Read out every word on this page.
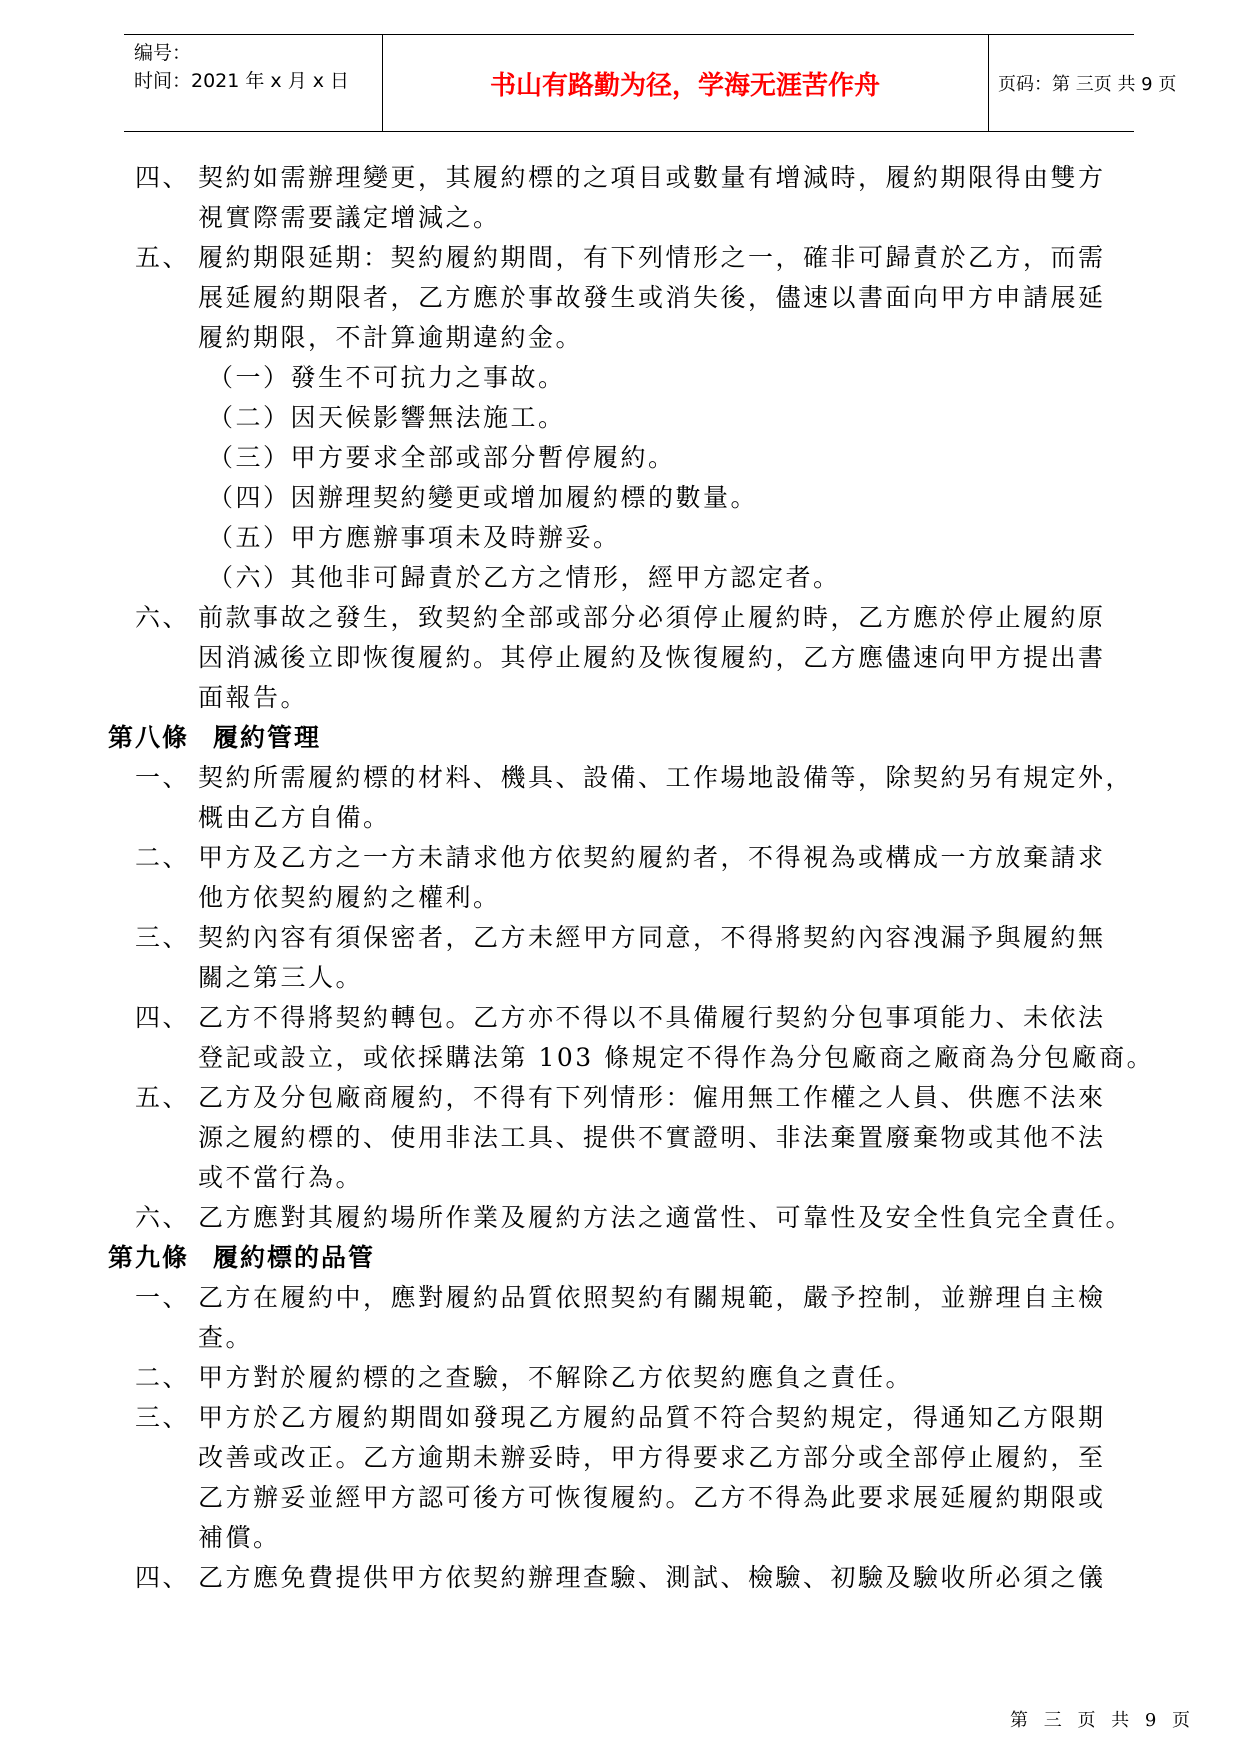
编号：
时间：2021 年 x 月 x 日	书山有路勤为径，学海无涯苦作舟	页码：第 三页 共 9 页
四、 契約如需辦理變更，其履約標的之項目或數量有增減時，履約期限得由雙方
視實際需要議定增減之。
五、 履約期限延期：契約履約期間，有下列情形之一，確非可歸責於乙方，而需
展延履約期限者，乙方應於事故發生或消失後，儘速以書面向甲方申請展延
履約期限，不計算逾期違約金。
（一）發生不可抗力之事故。
（二）因天候影響無法施工。
（三）甲方要求全部或部分暫停履約。
（四）因辦理契約變更或增加履約標的數量。
（五）甲方應辦事項未及時辦妥。
（六）其他非可歸責於乙方之情形，經甲方認定者。
六、 前款事故之發生，致契約全部或部分必須停止履約時，乙方應於停止履約原
因消滅後立即恢復履約。其停止履約及恢復履約，乙方應儘速向甲方提出書
面報告。
第八條 履約管理
一、 契約所需履約標的材料、機具、設備、工作場地設備等，除契約另有規定外，
概由乙方自備。
二、 甲方及乙方之一方未請求他方依契約履約者，不得視為或構成一方放棄請求
他方依契約履約之權利。
三、 契約內容有須保密者，乙方未經甲方同意，不得將契約內容洩漏予與履約無
關之第三人。
四、 乙方不得將契約轉包。乙方亦不得以不具備履行契約分包事項能力、未依法
登記或設立，或依採購法第 103 條規定不得作為分包廠商之廠商為分包廠商。
五、 乙方及分包廠商履約，不得有下列情形：僱用無工作權之人員、供應不法來
源之履約標的、使用非法工具、提供不實證明、非法棄置廢棄物或其他不法
或不當行為。
六、 乙方應對其履約場所作業及履約方法之適當性、可靠性及安全性負完全責任。
第九條 履約標的品管
一、 乙方在履約中，應對履約品質依照契約有關規範，嚴予控制，並辦理自主檢
查。
二、 甲方對於履約標的之查驗，不解除乙方依契約應負之責任。
三、 甲方於乙方履約期間如發現乙方履約品質不符合契約規定，得通知乙方限期
改善或改正。乙方逾期未辦妥時，甲方得要求乙方部分或全部停止履約，至
乙方辦妥並經甲方認可後方可恢復履約。乙方不得為此要求展延履約期限或
補償。
四、 乙方應免費提供甲方依契約辦理查驗、測試、檢驗、初驗及驗收所必須之儀
第 三 页 共 9 页
